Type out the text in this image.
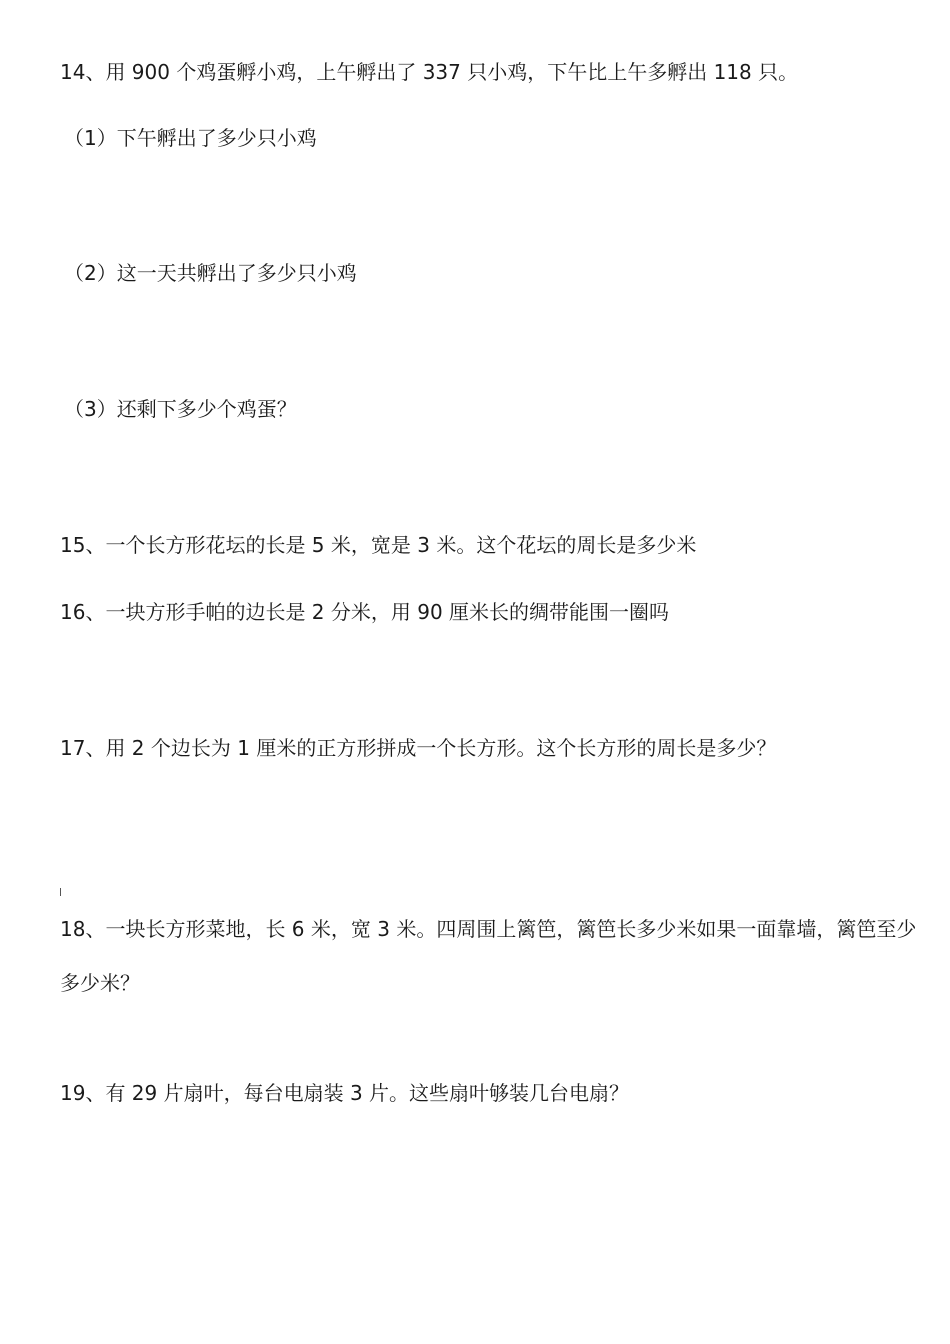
14、用 900 个鸡蛋孵小鸡，上午孵出了 337 只小鸡，下午比上午多孵出 118 只。

（1）下午孵出了多少只小鸡

（2）这一天共孵出了多少只小鸡

（3）还剩下多少个鸡蛋？

15、一个长方形花坛的长是 5 米，宽是 3 米。这个花坛的周长是多少米

16、一块方形手帕的边长是 2 分米，用 90 厘米长的绸带能围一圈吗

17、用 2 个边长为 1 厘米的正方形拼成一个长方形。这个长方形的周长是多少？

18、一块长方形菜地，长 6 米，宽 3 米。四周围上篱笆，篱笆长多少米如果一面靠墙，篱笆至少多少米？

19、有 29 片扇叶，每台电扇装 3 片。这些扇叶够装几台电扇？
